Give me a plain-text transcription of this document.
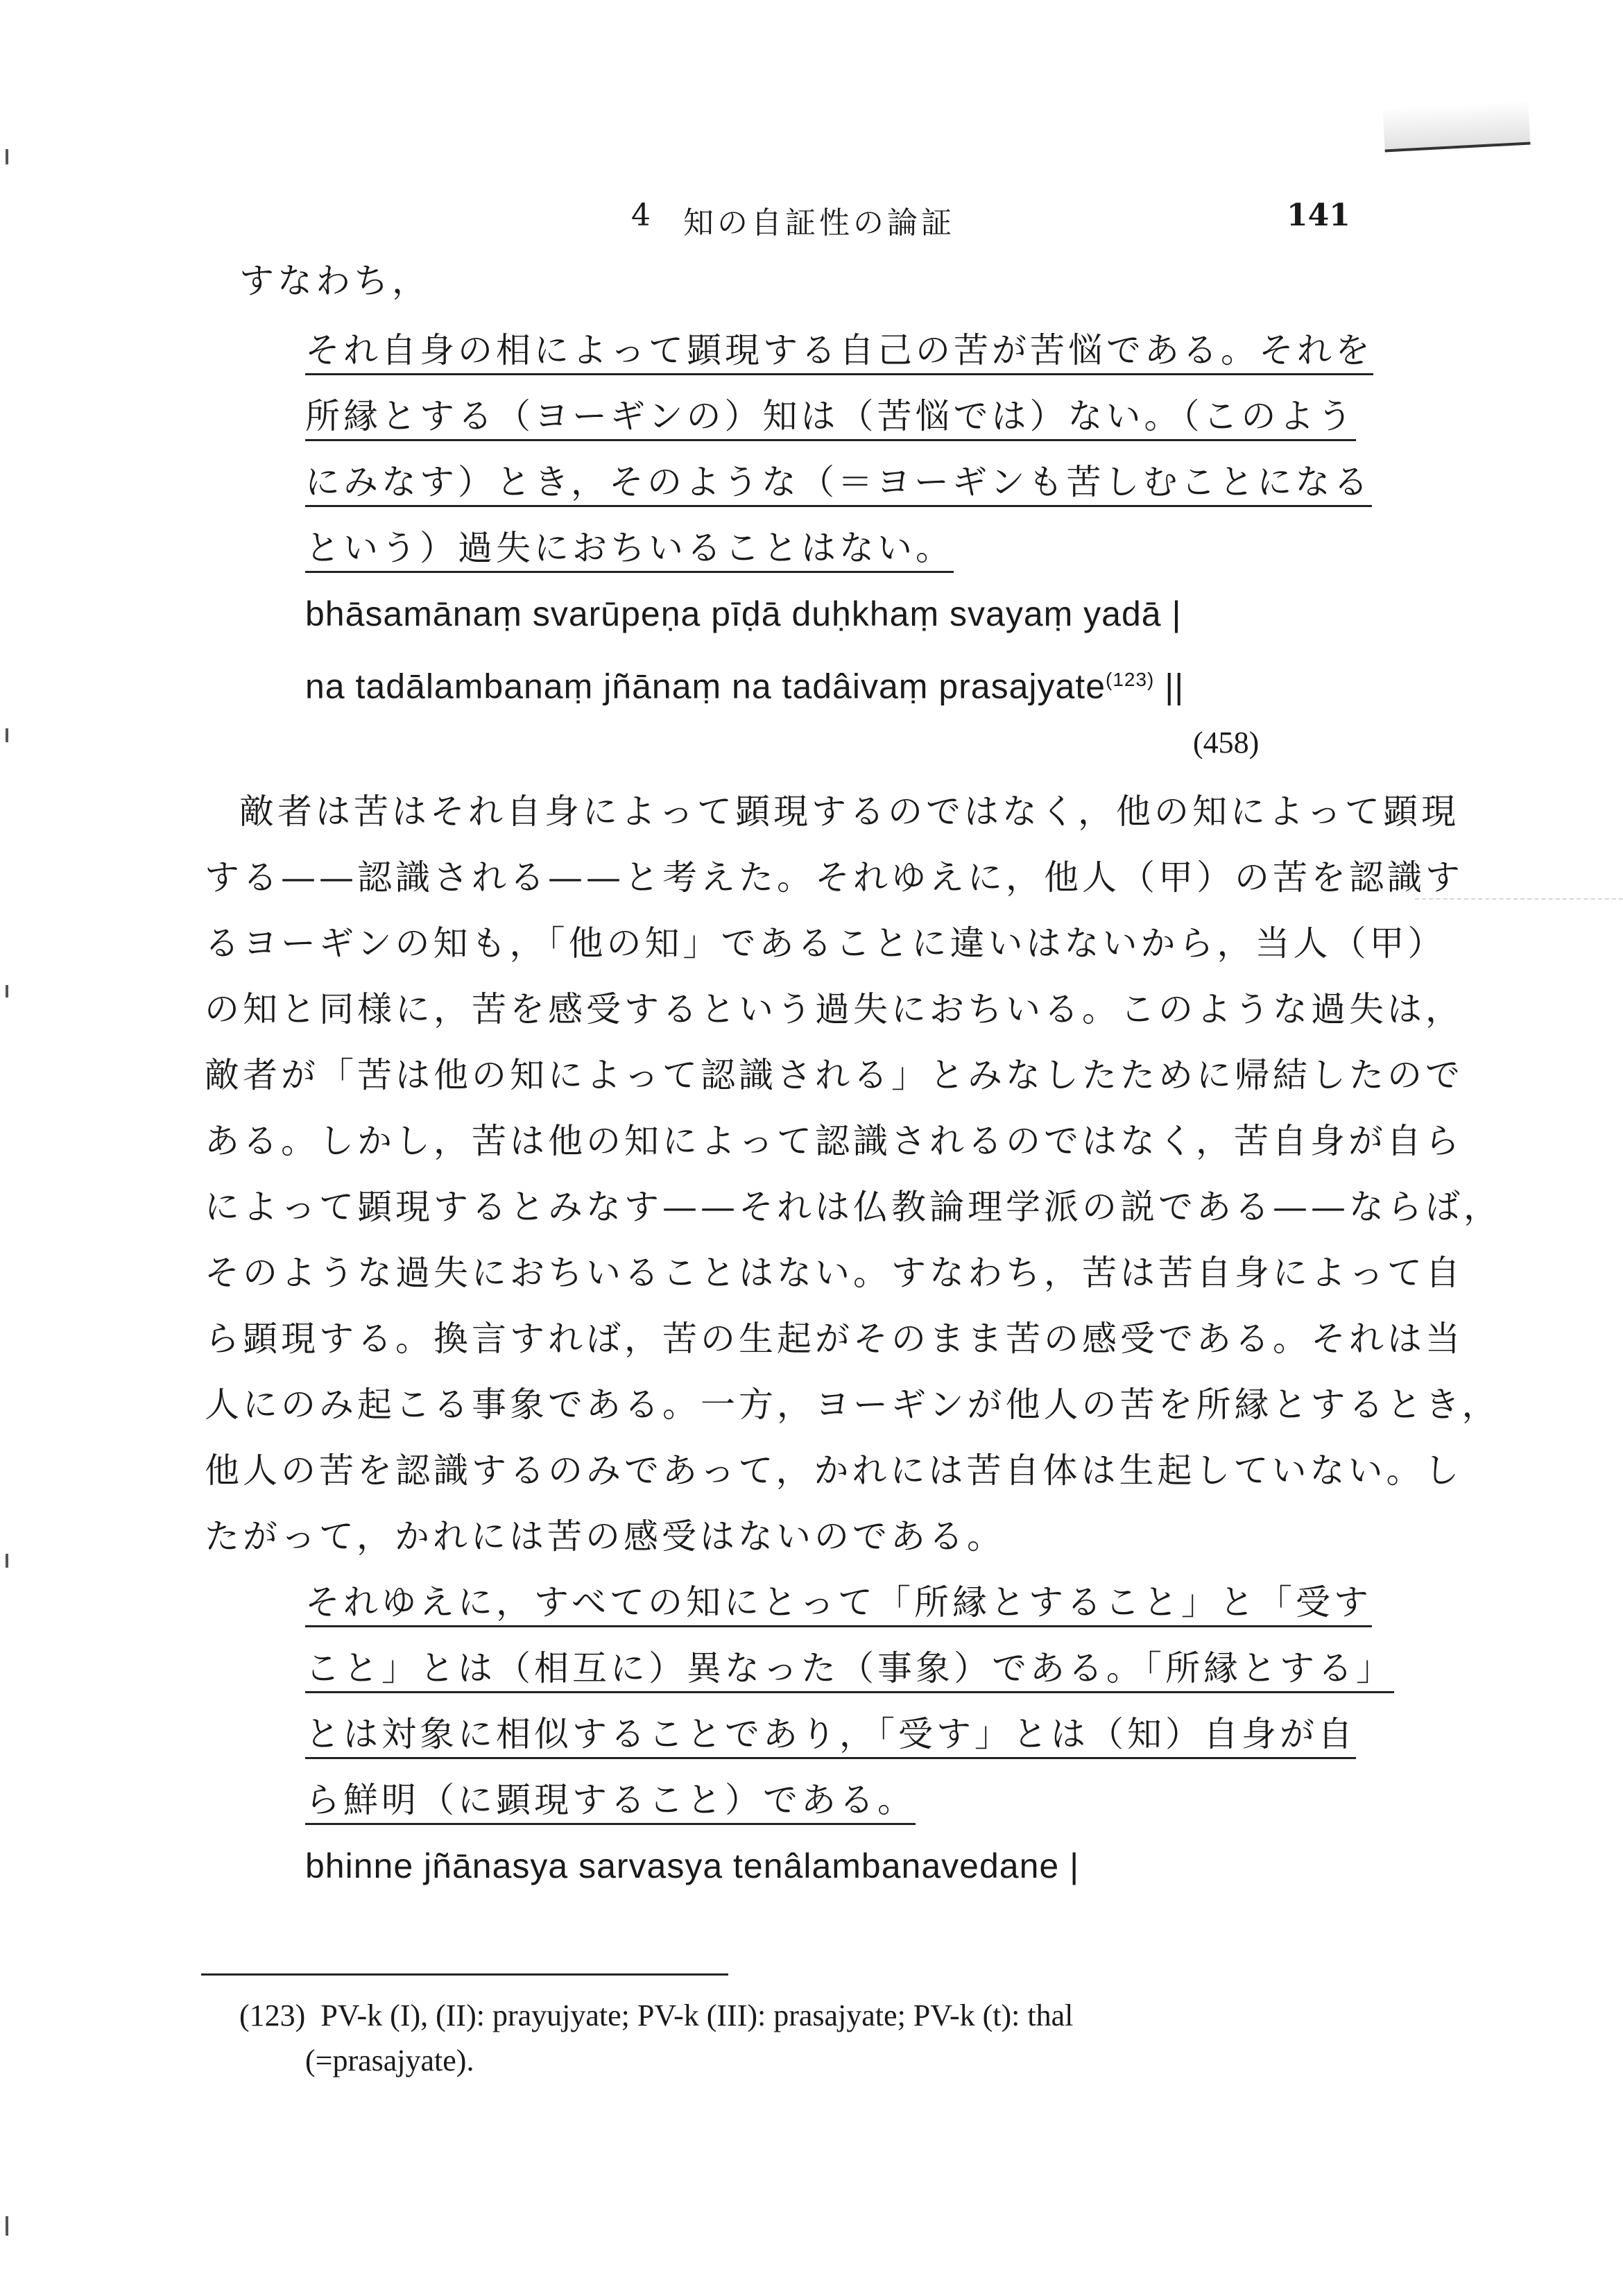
4 知の自証性の論証	141
すなわち，
それ自身の相によって顕現する自己の苦が苦悩である。それを
所縁とする（ヨーギンの）知は（苦悩では）ない。（このよう
にみなす）とき，そのような（＝ヨーギンも苦しむことになる
という）過失におちいることはない。
bhāsamānaṃ svarūpeṇa pīḍā duḥkhaṃ svayaṃ yadā |
na tadālambanaṃ jñānaṃ na tadâivaṃ prasajyate$^{(123)}$ ||
(458)
敵者は苦はそれ自身によって顕現するのではなく，他の知によって顕現
する——認識される——と考えた。それゆえに，他人（甲）の苦を認識す
るヨーギンの知も，「他の知」であることに違いはないから，当人（甲）
の知と同様に，苦を感受するという過失におちいる。このような過失は，
敵者が「苦は他の知によって認識される」とみなしたために帰結したので
ある。しかし，苦は他の知によって認識されるのではなく，苦自身が自ら
によって顕現するとみなす——それは仏教論理学派の説である——ならば，
そのような過失におちいることはない。すなわち，苦は苦自身によって自
ら顕現する。換言すれば，苦の生起がそのまま苦の感受である。それは当
人にのみ起こる事象である。一方，ヨーギンが他人の苦を所縁とするとき，
他人の苦を認識するのみであって，かれには苦自体は生起していない。し
たがって，かれには苦の感受はないのである。
それゆえに，すべての知にとって「所縁とすること」と「受す
こと」とは（相互に）異なった（事象）である。「所縁とする」
とは対象に相似することであり，「受す」とは（知）自身が自
ら鮮明（に顕現すること）である。
bhinne jñānasya sarvasya tenâlambanavedane |
(123) PV-k (I), (II): prayujyate; PV-k (III): prasajyate; PV-k (t): thal
(=prasajyate).
